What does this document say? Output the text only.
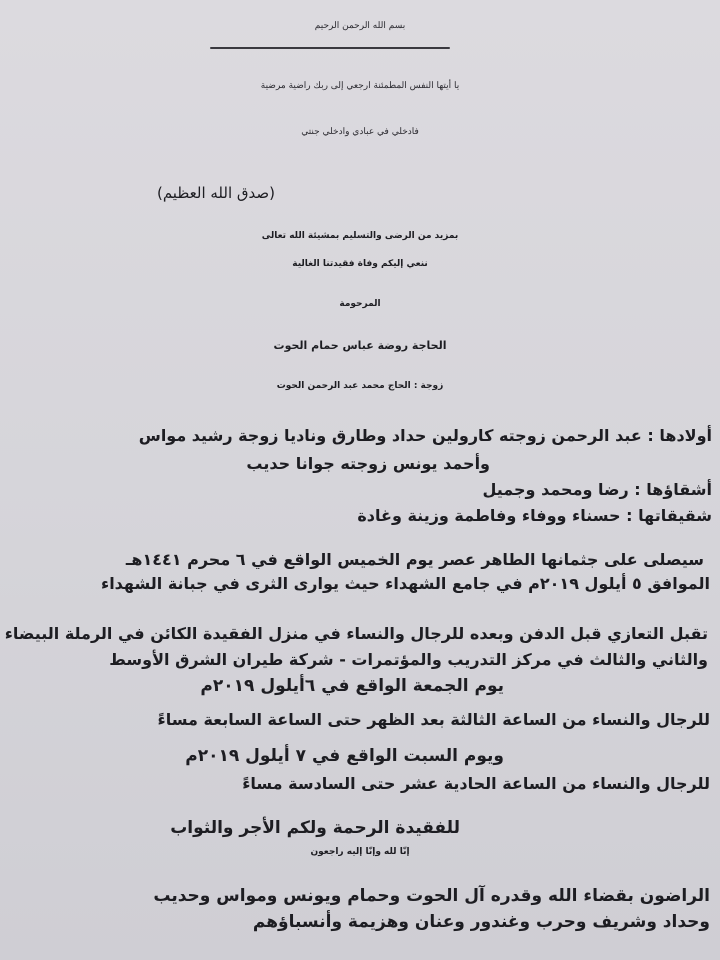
بسم الله الرحمن الرحيم

يا أيتها النفس المطمئنة ارجعي إلى ربك راضية مرضية

فادخلي في عبادي وادخلي جنتي

(صدق الله العظيم)

بمزيد من الرضى والتسليم بمشيئة الله تعالى

ننعي إليكم وفاة فقيدتنا الغالية

المرحومة

الحاجة روضة عباس حمام الحوت

زوجة : الحاج محمد عبد الرحمن الحوت

أولادها : عبد الرحمن زوجته كارولين حداد وطارق وناديا زوجة رشيد مواس

وأحمد يونس زوجته جوانا حديب

أشقاؤها : رضا ومحمد وجميل

شقيقاتها : حسناء ووفاء وفاطمة وزينة وغادة

سيصلى على جثمانها الطاهر عصر يوم الخميس الواقع في ٦ محرم ١٤٤١هـ

الموافق ٥ أيلول ٢٠١٩م في جامع الشهداء حيث يوارى الثرى في جبانة الشهداء

تقبل التعازي قبل الدفن وبعده للرجال والنساء في منزل الفقيدة الكائن في الرملة البيضاء

والثاني والثالث في مركز التدريب والمؤتمرات - شركة طيران الشرق الأوسط

يوم الجمعة الواقع في ٦أيلول ٢٠١٩م

للرجال والنساء من الساعة الثالثة بعد الظهر حتى الساعة السابعة مساءً

ويوم السبت الواقع في ٧ أيلول ٢٠١٩م

للرجال والنساء من الساعة الحادية عشر حتى السادسة مساءً

للفقيدة الرحمة ولكم الأجر والثواب

إنّا لله وإنّا إليه راجعون

الراضون بقضاء الله وقدره آل الحوت وحمام ويونس ومواس وحديب

وحداد وشريف وحرب وغندور وعنان وهزيمة وأنسباؤهم
